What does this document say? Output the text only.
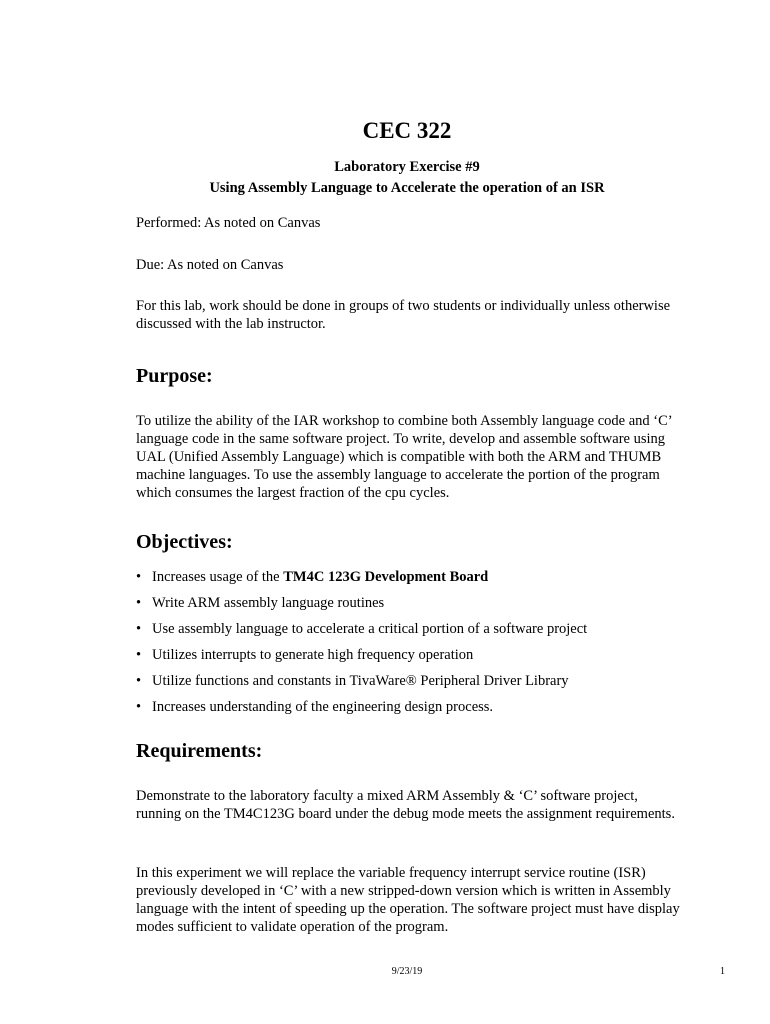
CEC 322
Laboratory Exercise #9
Using Assembly Language to Accelerate the operation of an ISR
Performed: As noted on Canvas
Due: As noted on Canvas
For this lab, work should be done in groups of two students or individually unless otherwise discussed with the lab instructor.
Purpose:
To utilize the ability of the IAR workshop to combine both Assembly language code and ‘C’ language code in the same software project. To write, develop and assemble software using UAL (Unified Assembly Language) which is compatible with both the ARM and THUMB machine languages. To use the assembly language to accelerate the portion of the program which consumes the largest fraction of the cpu cycles.
Objectives:
• Increases usage of the TM4C 123G Development Board
• Write ARM assembly language routines
• Use assembly language to accelerate a critical portion of a software project
• Utilizes interrupts to generate high frequency operation
• Utilize functions and constants in TivaWare® Peripheral Driver Library
• Increases understanding of the engineering design process.
Requirements:
Demonstrate to the laboratory faculty a mixed ARM Assembly & ‘C’ software project, running on the TM4C123G board under the debug mode meets the assignment requirements.
In this experiment we will replace the variable frequency interrupt service routine (ISR) previously developed in ‘C’ with a new stripped-down version which is written in Assembly language with the intent of speeding up the operation. The software project must have display modes sufficient to validate operation of the program.
9/23/19	1
